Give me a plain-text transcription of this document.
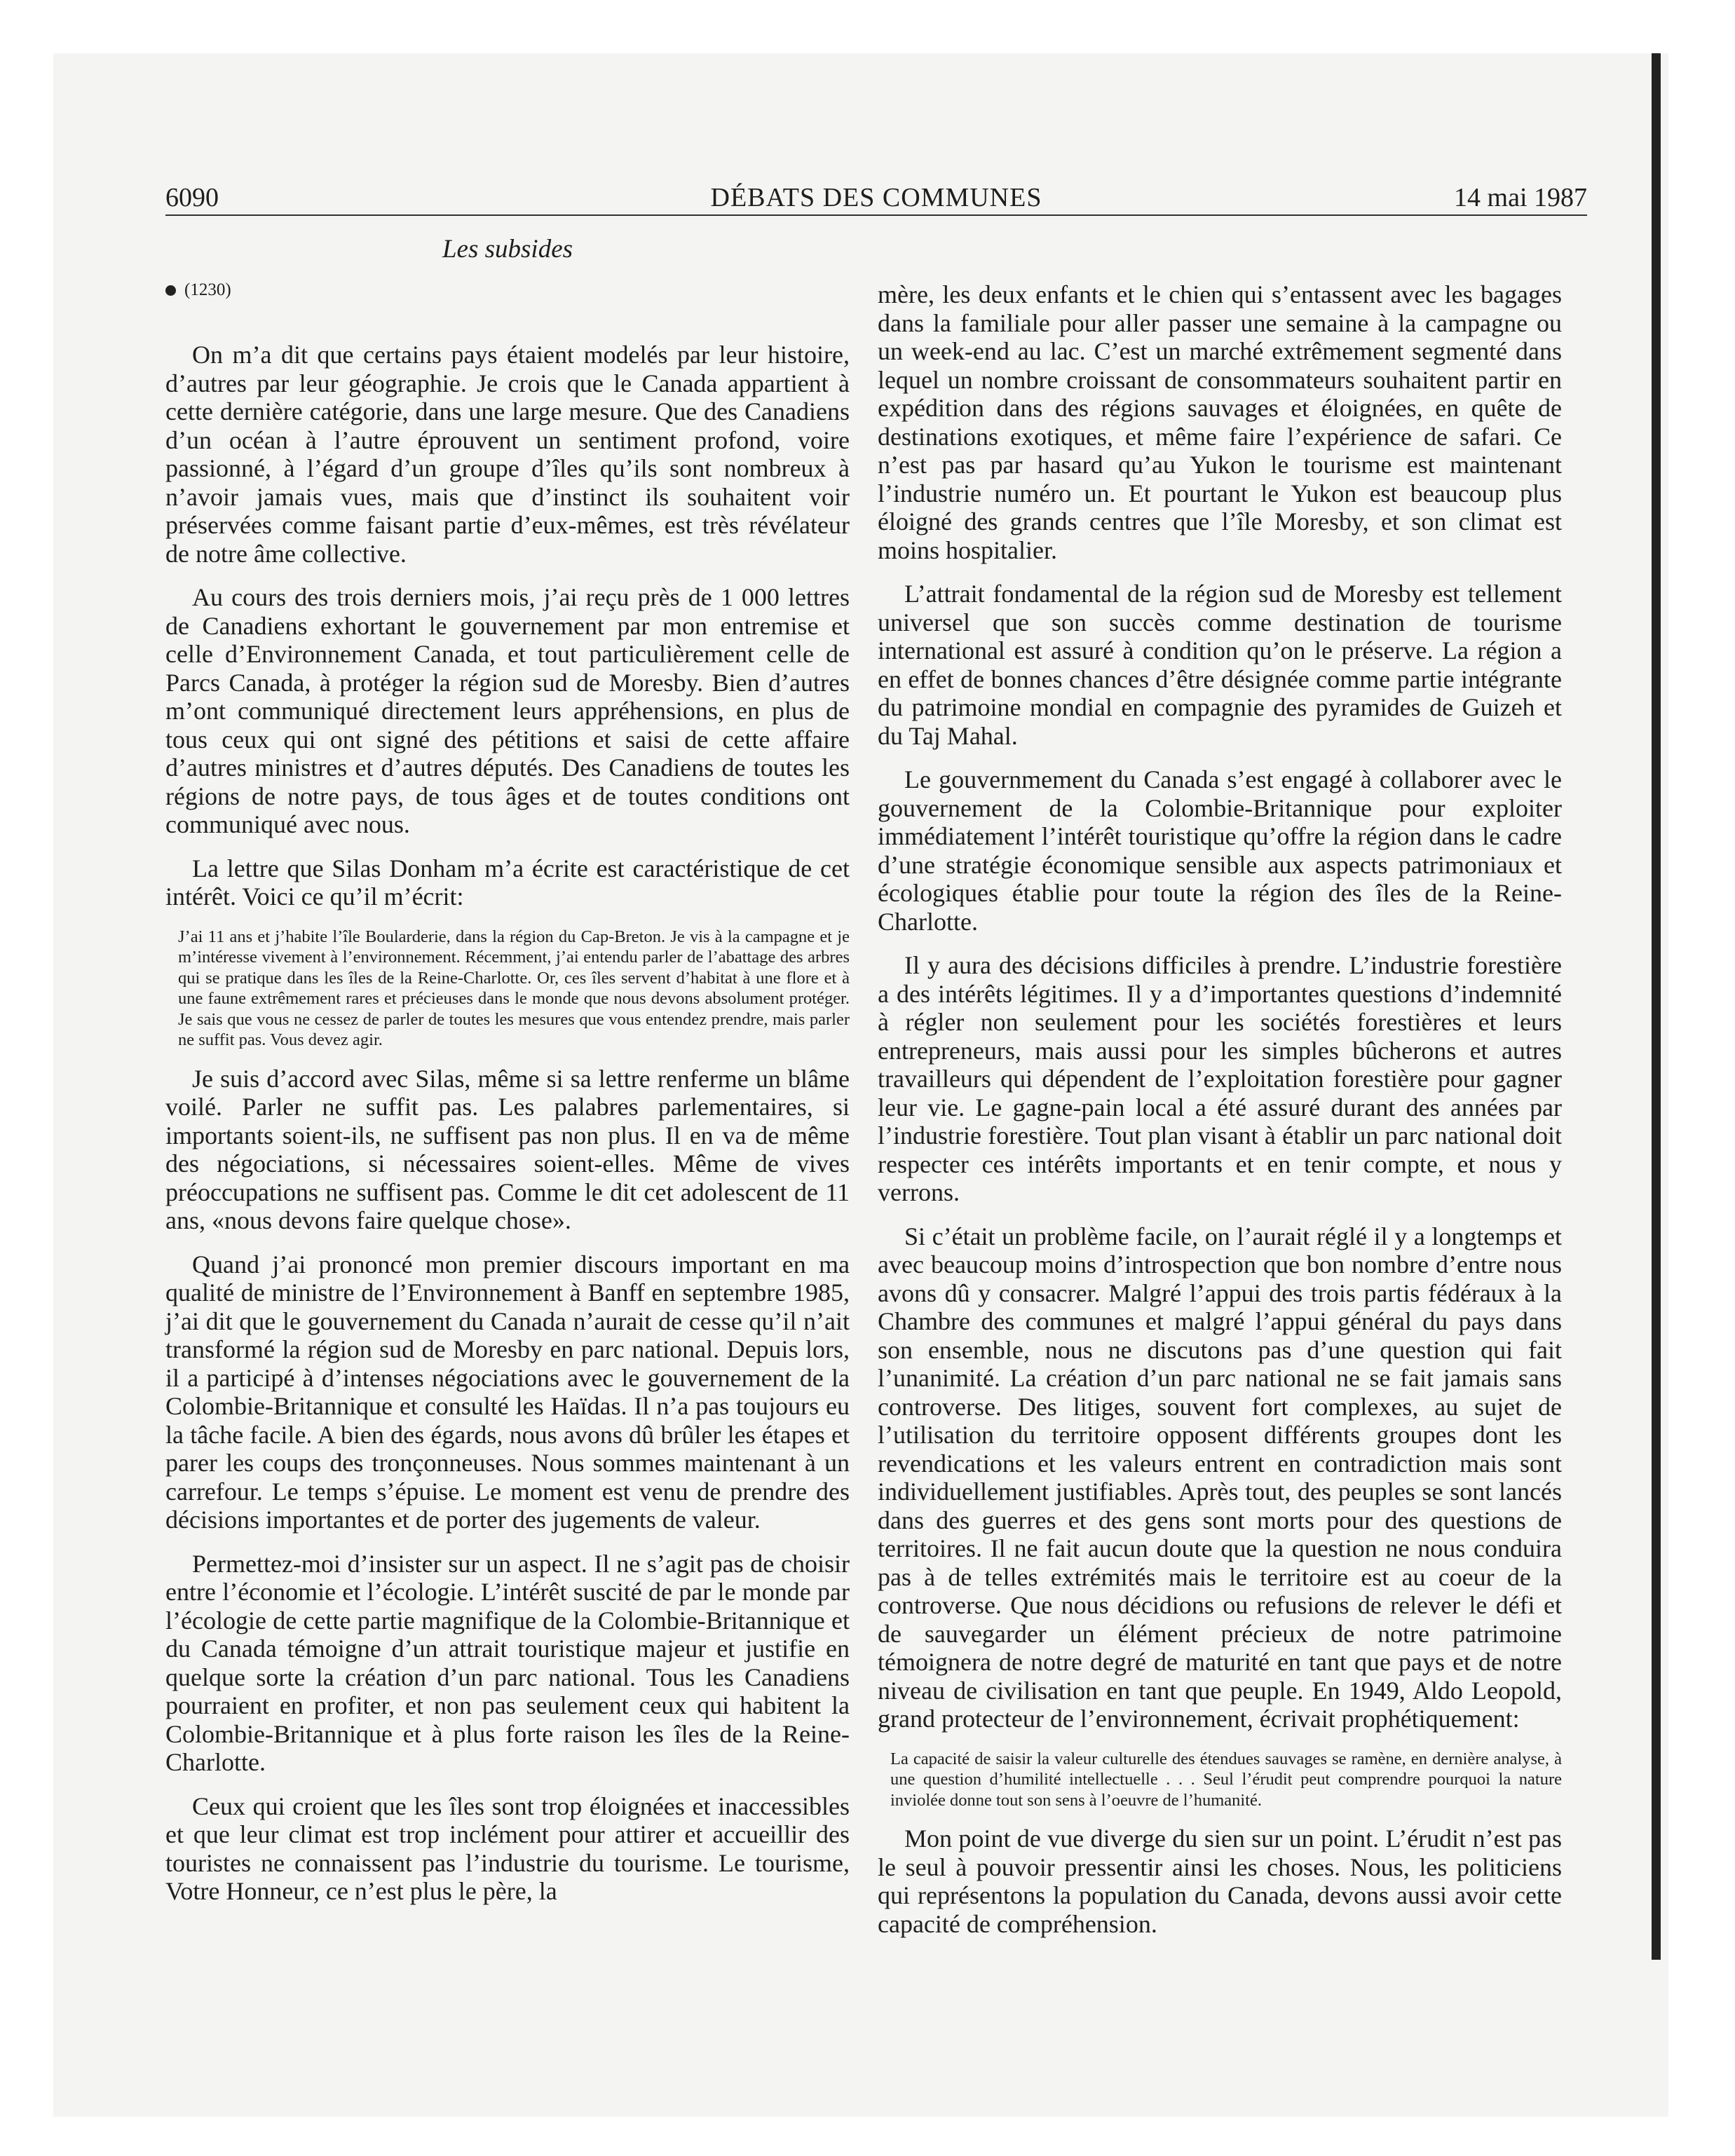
6090	DÉBATS DES COMMUNES	14 mai 1987
Les subsides
(1230)

On m’a dit que certains pays étaient modelés par leur histoire, d’autres par leur géographie. Je crois que le Canada appartient à cette dernière catégorie, dans une large mesure. Que des Canadiens d’un océan à l’autre éprouvent un sentiment profond, voire passionné, à l’égard d’un groupe d’îles qu’ils sont nombreux à n’avoir jamais vues, mais que d’instinct ils souhaitent voir préservées comme faisant partie d’eux-mêmes, est très révélateur de notre âme collective.

Au cours des trois derniers mois, j’ai reçu près de 1 000 lettres de Canadiens exhortant le gouvernement par mon entremise et celle d’Environnement Canada, et tout particulièrement celle de Parcs Canada, à protéger la région sud de Moresby. Bien d’autres m’ont communiqué directement leurs appréhensions, en plus de tous ceux qui ont signé des pétitions et saisi de cette affaire d’autres ministres et d’autres députés. Des Canadiens de toutes les régions de notre pays, de tous âges et de toutes conditions ont communiqué avec nous.

La lettre que Silas Donham m’a écrite est caractéristique de cet intérêt. Voici ce qu’il m’écrit:

J’ai 11 ans et j’habite l’île Boularderie, dans la région du Cap-Breton. Je vis à la campagne et je m’intéresse vivement à l’environnement. Récemment, j’ai entendu parler de l’abattage des arbres qui se pratique dans les îles de la Reine-Charlotte. Or, ces îles servent d’habitat à une flore et à une faune extrêmement rares et précieuses dans le monde que nous devons absolument protéger. Je sais que vous ne cessez de parler de toutes les mesures que vous entendez prendre, mais parler ne suffit pas. Vous devez agir.

Je suis d’accord avec Silas, même si sa lettre renferme un blâme voilé. Parler ne suffit pas. Les palabres parlementaires, si importants soient-ils, ne suffisent pas non plus. Il en va de même des négociations, si nécessaires soient-elles. Même de vives préoccupations ne suffisent pas. Comme le dit cet adolescent de 11 ans, «nous devons faire quelque chose».

Quand j’ai prononcé mon premier discours important en ma qualité de ministre de l’Environnement à Banff en septembre 1985, j’ai dit que le gouvernement du Canada n’aurait de cesse qu’il n’ait transformé la région sud de Moresby en parc national. Depuis lors, il a participé à d’intenses négociations avec le gouvernement de la Colombie-Britannique et consulté les Haïdas. Il n’a pas toujours eu la tâche facile. A bien des égards, nous avons dû brûler les étapes et parer les coups des tronçonneuses. Nous sommes maintenant à un carrefour. Le temps s’épuise. Le moment est venu de prendre des décisions importantes et de porter des jugements de valeur.

Permettez-moi d’insister sur un aspect. Il ne s’agit pas de choisir entre l’économie et l’écologie. L’intérêt suscité de par le monde par l’écologie de cette partie magnifique de la Colombie-Britannique et du Canada témoigne d’un attrait touristique majeur et justifie en quelque sorte la création d’un parc national. Tous les Canadiens pourraient en profiter, et non pas seulement ceux qui habitent la Colombie-Britannique et à plus forte raison les îles de la Reine-Charlotte.

Ceux qui croient que les îles sont trop éloignées et inaccessibles et que leur climat est trop inclément pour attirer et accueillir des touristes ne connaissent pas l’industrie du tourisme. Le tourisme, Votre Honneur, ce n’est plus le père, la

mère, les deux enfants et le chien qui s’entassent avec les bagages dans la familiale pour aller passer une semaine à la campagne ou un week-end au lac. C’est un marché extrêmement segmenté dans lequel un nombre croissant de consommateurs souhaitent partir en expédition dans des régions sauvages et éloignées, en quête de destinations exotiques, et même faire l’expérience de safari. Ce n’est pas par hasard qu’au Yukon le tourisme est maintenant l’industrie numéro un. Et pourtant le Yukon est beaucoup plus éloigné des grands centres que l’île Moresby, et son climat est moins hospitalier.

L’attrait fondamental de la région sud de Moresby est tellement universel que son succès comme destination de tourisme international est assuré à condition qu’on le préserve. La région a en effet de bonnes chances d’être désignée comme partie intégrante du patrimoine mondial en compagnie des pyramides de Guizeh et du Taj Mahal.

Le gouvernmement du Canada s’est engagé à collaborer avec le gouvernement de la Colombie-Britannique pour exploiter immédiatement l’intérêt touristique qu’offre la région dans le cadre d’une stratégie économique sensible aux aspects patrimoniaux et écologiques établie pour toute la région des îles de la Reine-Charlotte.

Il y aura des décisions difficiles à prendre. L’industrie forestière a des intérêts légitimes. Il y a d’importantes questions d’indemnité à régler non seulement pour les sociétés forestières et leurs entrepreneurs, mais aussi pour les simples bûcherons et autres travailleurs qui dépendent de l’exploitation forestière pour gagner leur vie. Le gagne-pain local a été assuré durant des années par l’industrie forestière. Tout plan visant à établir un parc national doit respecter ces intérêts importants et en tenir compte, et nous y verrons.

Si c’était un problème facile, on l’aurait réglé il y a longtemps et avec beaucoup moins d’introspection que bon nombre d’entre nous avons dû y consacrer. Malgré l’appui des trois partis fédéraux à la Chambre des communes et malgré l’appui général du pays dans son ensemble, nous ne discutons pas d’une question qui fait l’unanimité. La création d’un parc national ne se fait jamais sans controverse. Des litiges, souvent fort complexes, au sujet de l’utilisation du territoire opposent différents groupes dont les revendications et les valeurs entrent en contradiction mais sont individuellement justifiables. Après tout, des peuples se sont lancés dans des guerres et des gens sont morts pour des questions de territoires. Il ne fait aucun doute que la question ne nous conduira pas à de telles extrémités mais le territoire est au coeur de la controverse. Que nous décidions ou refusions de relever le défi et de sauvegarder un élément précieux de notre patrimoine témoignera de notre degré de maturité en tant que pays et de notre niveau de civilisation en tant que peuple. En 1949, Aldo Leopold, grand protecteur de l’environnement, écrivait prophétiquement:

La capacité de saisir la valeur culturelle des étendues sauvages se ramène, en dernière analyse, à une question d’humilité intellectuelle . . . Seul l’érudit peut comprendre pourquoi la nature inviolée donne tout son sens à l’oeuvre de l’humanité.

Mon point de vue diverge du sien sur un point. L’érudit n’est pas le seul à pouvoir pressentir ainsi les choses. Nous, les politiciens qui représentons la population du Canada, devons aussi avoir cette capacité de compréhension.
